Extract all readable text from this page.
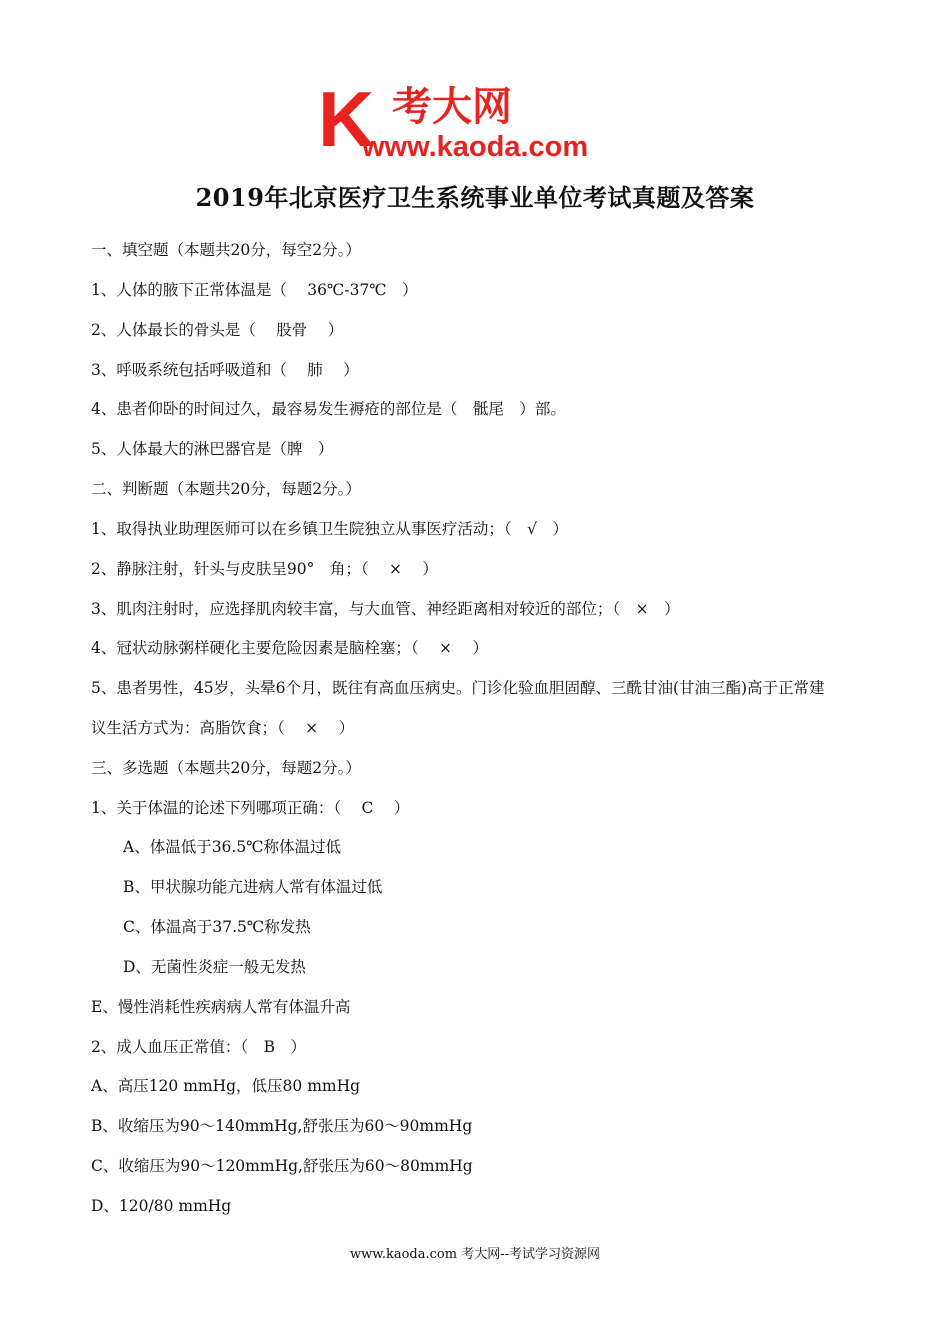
K 考大网
www.kaoda.com
2019年北京医疗卫生系统事业单位考试真题及答案
一、填空题（本题共20分，每空2分。）
1、人体的腋下正常体温是（　 36℃-37℃　）
2、人体最长的骨头是（　 股骨　 ）
3、呼吸系统包括呼吸道和（　 肺　 ）
4、患者仰卧的时间过久，最容易发生褥疮的部位是（　骶尾　）部。
5、人体最大的淋巴器官是（脾　）
二、判断题（本题共20分，每题2分。）
1、取得执业助理医师可以在乡镇卫生院独立从事医疗活动；（　√　）
2、静脉注射，针头与皮肤呈90°　角；（　 ×　 ）
3、肌肉注射时，应选择肌肉较丰富，与大血管、神经距离相对较近的部位；（　×　）
4、冠状动脉粥样硬化主要危险因素是脑栓塞；（　 ×　 ）
5、患者男性，45岁，头晕6个月，既往有高血压病史。门诊化验血胆固醇、三酰甘油(甘油三酯)高于正常建
议生活方式为：高脂饮食；（　 ×　 ）
三、多选题（本题共20分，每题2分。）
1、关于体温的论述下列哪项正确：（　 C　 ）
A、体温低于36.5℃称体温过低
B、甲状腺功能亢进病人常有体温过低
C、体温高于37.5℃称发热
D、无菌性炎症一般无发热
E、慢性消耗性疾病病人常有体温升高
2、成人血压正常值：（　B　）
A、高压120 mmHg，低压80 mmHg
B、收缩压为90～140mmHg,舒张压为60～90mmHg
C、收缩压为90～120mmHg,舒张压为60～80mmHg
D、120/80 mmHg
www.kaoda.com 考大网--考试学习资源网
